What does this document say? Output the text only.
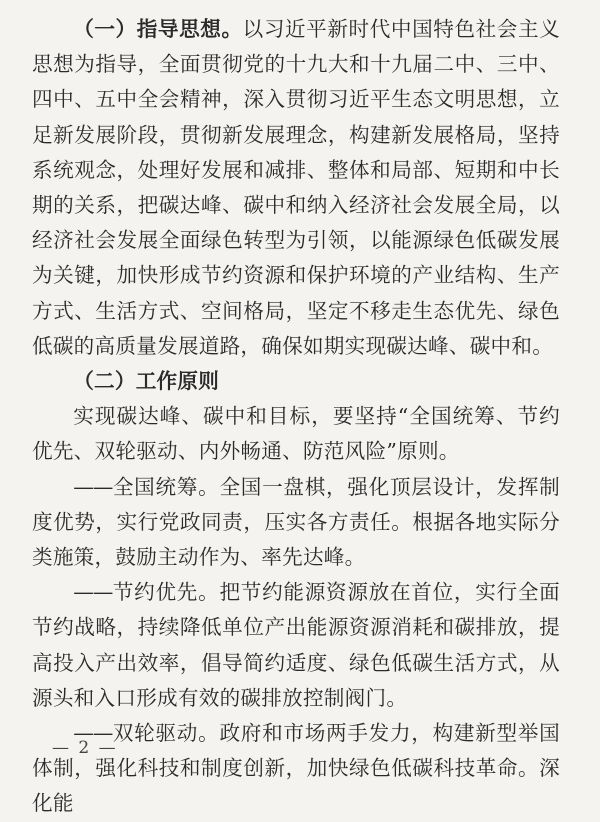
（一）指导思想。以习近平新时代中国特色社会主义思想为指导，全面贯彻党的十九大和十九届二中、三中、四中、五中全会精神，深入贯彻习近平生态文明思想，立足新发展阶段，贯彻新发展理念，构建新发展格局，坚持系统观念，处理好发展和减排、整体和局部、短期和中长期的关系，把碳达峰、碳中和纳入经济社会发展全局，以经济社会发展全面绿色转型为引领，以能源绿色低碳发展为关键，加快形成节约资源和保护环境的产业结构、生产方式、生活方式、空间格局，坚定不移走生态优先、绿色低碳的高质量发展道路，确保如期实现碳达峰、碳中和。

（二）工作原则

实现碳达峰、碳中和目标，要坚持“全国统筹、节约优先、双轮驱动、内外畅通、防范风险”原则。

——全国统筹。全国一盘棋，强化顶层设计，发挥制度优势，实行党政同责，压实各方责任。根据各地实际分类施策，鼓励主动作为、率先达峰。

——节约优先。把节约能源资源放在首位，实行全面节约战略，持续降低单位产出能源资源消耗和碳排放，提高投入产出效率，倡导简约适度、绿色低碳生活方式，从源头和入口形成有效的碳排放控制阀门。

——双轮驱动。政府和市场两手发力，构建新型举国体制，强化科技和制度创新，加快绿色低碳科技革命。深化能

— 2 —
